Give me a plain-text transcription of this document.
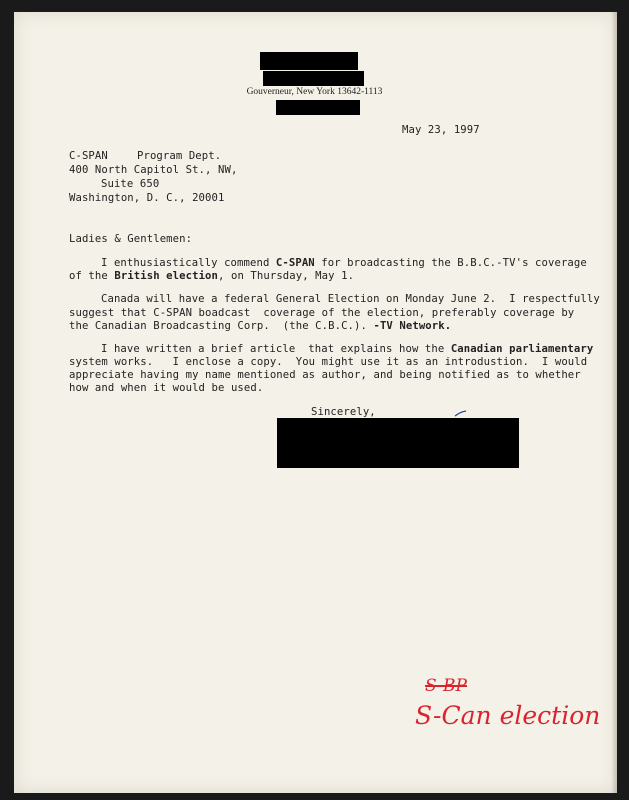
Gouverneur, New York 13642-1113
May 23, 1997
C-SPAN	Program Dept.
400 North Capitol St., NW,
Suite 650
Washington, D. C., 20001
Ladies & Gentlemen:
I enthusiastically commend C-SPAN for broadcasting the B.B.C.-TV's coverage
of the British election, on Thursday, May 1.
Canada will have a federal General Election on Monday June 2.  I respectfully
suggest that C-SPAN boadcast  coverage of the election, preferably coverage by
the Canadian Broadcasting Corp.  (the C.B.C.). -TV Network.
I have written a brief article  that explains how the Canadian parliamentary
system works.   I enclose a copy.  You might use it as an introdustion.  I would
appreciate having my name mentioned as author, and being notified as to whether
how and when it would be used.
Sincerely,
S-BP
S-Can election
